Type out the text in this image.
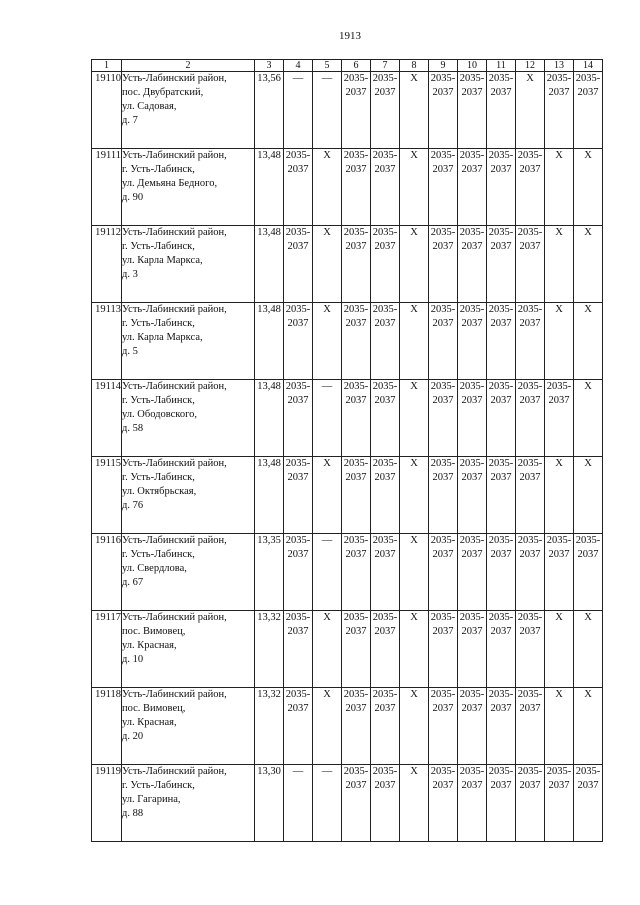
1913
1	2	3	4	5	6	7	8	9	10	11	12	13	14
19110	Усть-Лабинский район,
пос. Двубратский,
ул. Садовая,
д. 7	13,56	—	—	2035-2037	2035-2037	X	2035-2037	2035-2037	2035-2037	X	2035-2037	2035-2037
19111	Усть-Лабинский район,
г. Усть-Лабинск,
ул. Демьяна Бедного,
д. 90	13,48	2035-2037	X	2035-2037	2035-2037	X	2035-2037	2035-2037	2035-2037	2035-2037	X	X
19112	Усть-Лабинский район,
г. Усть-Лабинск,
ул. Карла Маркса,
д. 3	13,48	2035-2037	X	2035-2037	2035-2037	X	2035-2037	2035-2037	2035-2037	2035-2037	X	X
19113	Усть-Лабинский район,
г. Усть-Лабинск,
ул. Карла Маркса,
д. 5	13,48	2035-2037	X	2035-2037	2035-2037	X	2035-2037	2035-2037	2035-2037	2035-2037	X	X
19114	Усть-Лабинский район,
г. Усть-Лабинск,
ул. Ободовского,
д. 58	13,48	2035-2037	—	2035-2037	2035-2037	X	2035-2037	2035-2037	2035-2037	2035-2037	2035-2037	X
19115	Усть-Лабинский район,
г. Усть-Лабинск,
ул. Октябрьская,
д. 76	13,48	2035-2037	X	2035-2037	2035-2037	X	2035-2037	2035-2037	2035-2037	2035-2037	X	X
19116	Усть-Лабинский район,
г. Усть-Лабинск,
ул. Свердлова,
д. 67	13,35	2035-2037	—	2035-2037	2035-2037	X	2035-2037	2035-2037	2035-2037	2035-2037	2035-2037	2035-2037
19117	Усть-Лабинский район,
пос. Вимовец,
ул. Красная,
д. 10	13,32	2035-2037	X	2035-2037	2035-2037	X	2035-2037	2035-2037	2035-2037	2035-2037	X	X
19118	Усть-Лабинский район,
пос. Вимовец,
ул. Красная,
д. 20	13,32	2035-2037	X	2035-2037	2035-2037	X	2035-2037	2035-2037	2035-2037	2035-2037	X	X
19119	Усть-Лабинский район,
г. Усть-Лабинск,
ул. Гагарина,
д. 88	13,30	—	—	2035-2037	2035-2037	X	2035-2037	2035-2037	2035-2037	2035-2037	2035-2037	2035-2037
